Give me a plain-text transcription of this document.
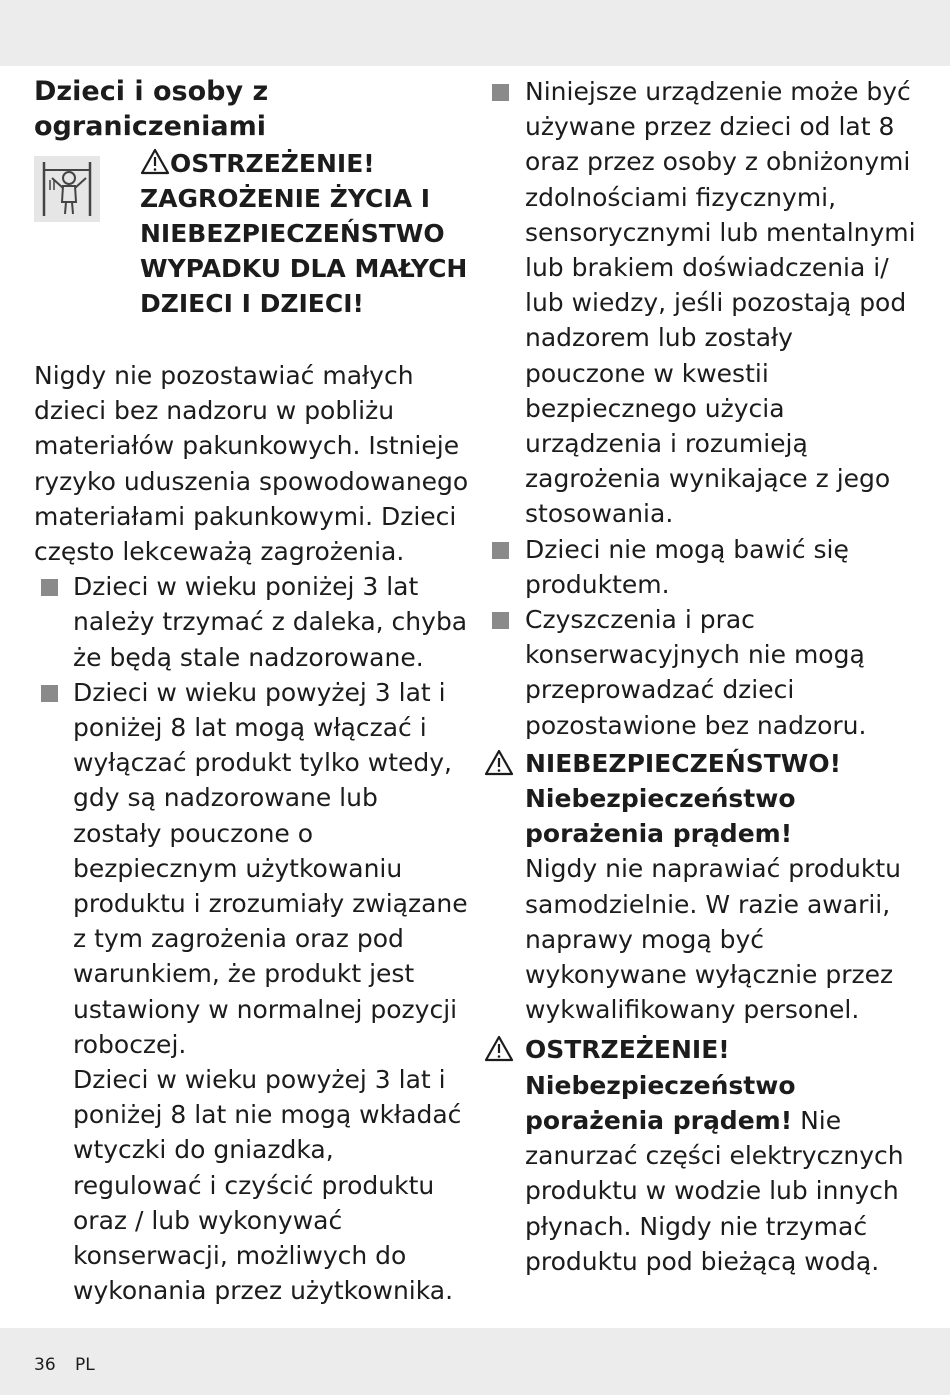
Dzieci i osoby z
ograniczeniami
OSTRZEŻENIE! ZAGROŻENIE ŻYCIA I NIEBEZPIECZEŃSTWO WYPADKU DLA MAŁYCH DZIECI I DZIECI!

Nigdy nie pozostawiać małych dzieci bez nadzoru w pobliżu materiałów pakunkowych. Istnieje ryzyko uduszenia spowodowanego materiałami pakunkowymi. Dzieci często lekceważą zagrożenia.

Dzieci w wieku poniżej 3 lat należy trzymać z daleka, chyba że będą stale nadzorowane.
Dzieci w wieku powyżej 3 lat i poniżej 8 lat mogą włączać i wyłączać produkt tylko wtedy, gdy są nadzorowane lub zostały pouczone o bezpiecznym użytkowaniu produktu i zrozumiały związane z tym zagrożenia oraz pod warunkiem, że produkt jest ustawiony w normalnej pozycji roboczej.

Dzieci w wieku powyżej 3 lat i poniżej 8 lat nie mogą wkładać wtyczki do gniazdka, regulować i czyścić produktu oraz / lub wykonywać konserwacji, możliwych do wykonania przez użytkownika.

Niniejsze urządzenie może być używane przez dzieci od lat 8 oraz przez osoby z obniżonymi zdolnościami fizycznymi, sensorycznymi lub mentalnymi lub brakiem doświadczenia i/ lub wiedzy, jeśli pozostają pod nadzorem lub zostały pouczone w kwestii bezpiecznego użycia urządzenia i rozumieją zagrożenia wynikające z jego stosowania.
Dzieci nie mogą bawić się produktem.
Czyszczenia i prac konserwacyjnych nie mogą przeprowadzać dzieci pozostawione bez nadzoru.
NIEBEZPIECZEŃSTWO!
Niebezpieczeństwo porażenia prądem!
Nigdy nie naprawiać produktu samodzielnie. W razie awarii, naprawy mogą być wykonywane wyłącznie przez wykwalifikowany personel.
OSTRZEŻENIE!
Niebezpieczeństwo porażenia prądem! Nie zanurzać części elektrycznych produktu w wodzie lub innych płynach. Nigdy nie trzymać produktu pod bieżącą wodą.
36 PL
